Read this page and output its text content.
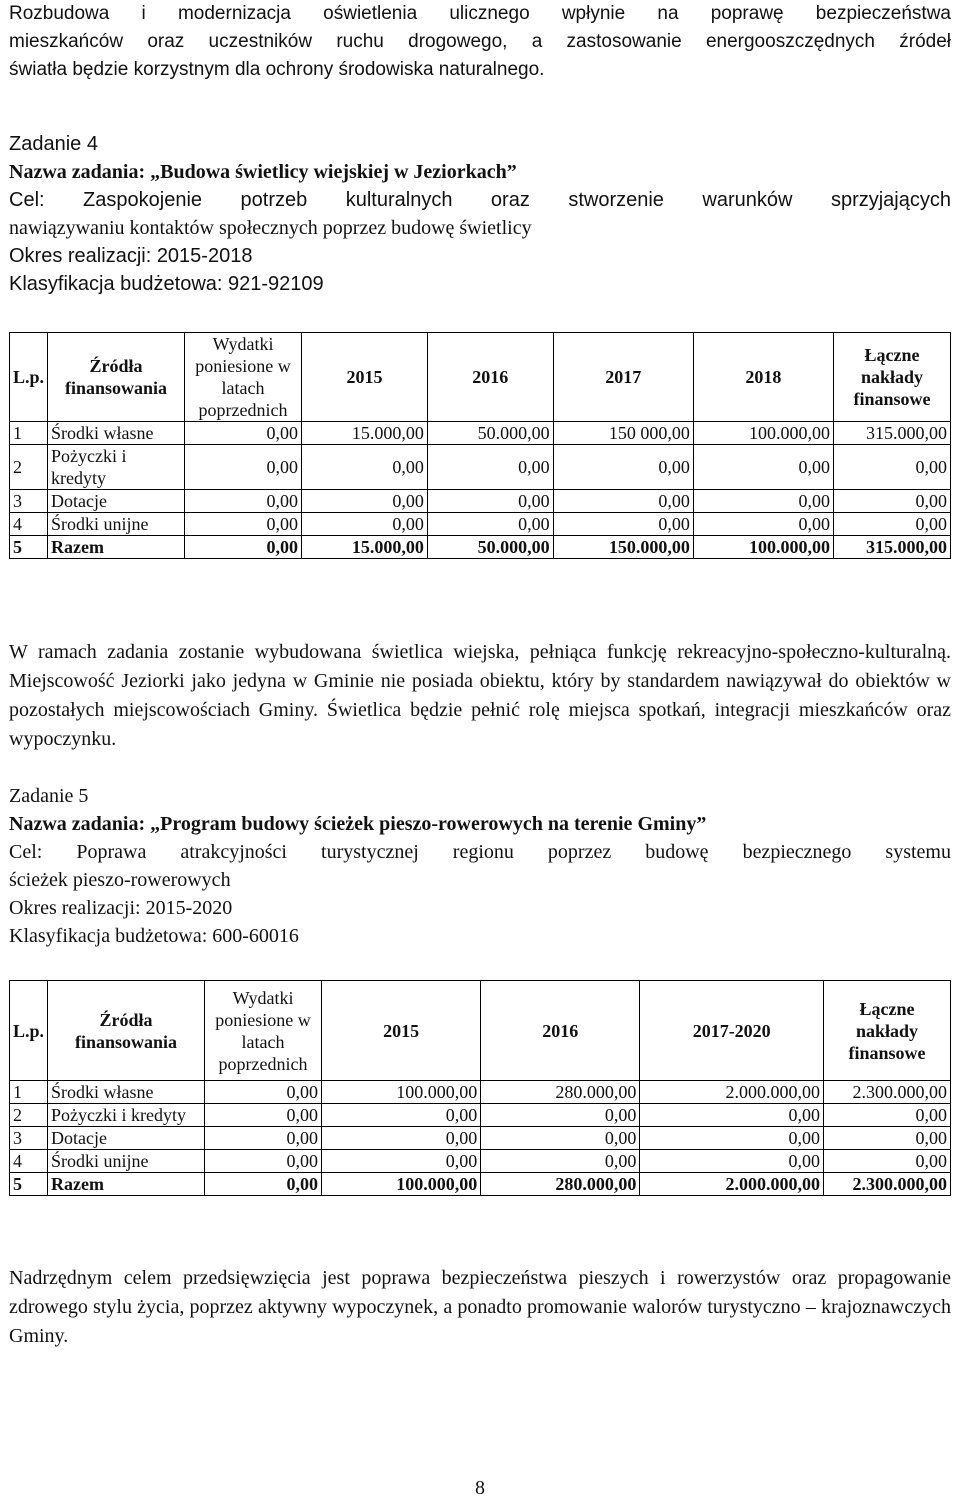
Rozbudowa i modernizacja oświetlenia ulicznego wpłynie na poprawę bezpieczeństwa

mieszkańców oraz uczestników ruchu drogowego, a zastosowanie energooszczędnych źródeł

światła będzie korzystnym dla ochrony środowiska naturalnego.

Zadanie 4

Nazwa zadania: „Budowa świetlicy wiejskiej w Jeziorkach”

Cel: Zaspokojenie potrzeb kulturalnych oraz stworzenie warunków sprzyjających

nawiązywaniu kontaktów społecznych poprzez budowę świetlicy

Okres realizacji: 2015-2018

Klasyfikacja budżetowa: 921-92109

L.p.	Źródła finansowania	Wydatki poniesione w latach poprzednich	2015	2016	2017	2018	Łączne nakłady finansowe
1	Środki własne	0,00	15.000,00	50.000,00	150 000,00	100.000,00	315.000,00
2	Pożyczki i kredyty	0,00	0,00	0,00	0,00	0,00	0,00
3	Dotacje	0,00	0,00	0,00	0,00	0,00	0,00
4	Środki unijne	0,00	0,00	0,00	0,00	0,00	0,00
5	Razem	0,00	15.000,00	50.000,00	150.000,00	100.000,00	315.000,00

W ramach zadania zostanie wybudowana świetlica wiejska, pełniąca funkcję rekreacyjno-społeczno-kulturalną. Miejscowość Jeziorki jako jedyna w Gminie nie posiada obiektu, który by standardem nawiązywał do obiektów w pozostałych miejscowościach Gminy. Świetlica będzie pełnić rolę miejsca spotkań, integracji mieszkańców oraz wypoczynku.

Zadanie 5

Nazwa zadania: „Program budowy ścieżek pieszo-rowerowych na terenie Gminy”

Cel: Poprawa atrakcyjności turystycznej regionu poprzez budowę bezpiecznego systemu

ścieżek pieszo-rowerowych

Okres realizacji: 2015-2020

Klasyfikacja budżetowa: 600-60016

L.p.	Źródła finansowania	Wydatki poniesione w latach poprzednich	2015	2016	2017-2020	Łączne nakłady finansowe
1	Środki własne	0,00	100.000,00	280.000,00	2.000.000,00	2.300.000,00
2	Pożyczki i kredyty	0,00	0,00	0,00	0,00	0,00
3	Dotacje	0,00	0,00	0,00	0,00	0,00
4	Środki unijne	0,00	0,00	0,00	0,00	0,00
5	Razem	0,00	100.000,00	280.000,00	2.000.000,00	2.300.000,00

Nadrzędnym celem przedsięwzięcia jest poprawa bezpieczeństwa pieszych i rowerzystów oraz propagowanie zdrowego stylu życia, poprzez aktywny wypoczynek, a ponadto promowanie walorów turystyczno – krajoznawczych Gminy.

8
